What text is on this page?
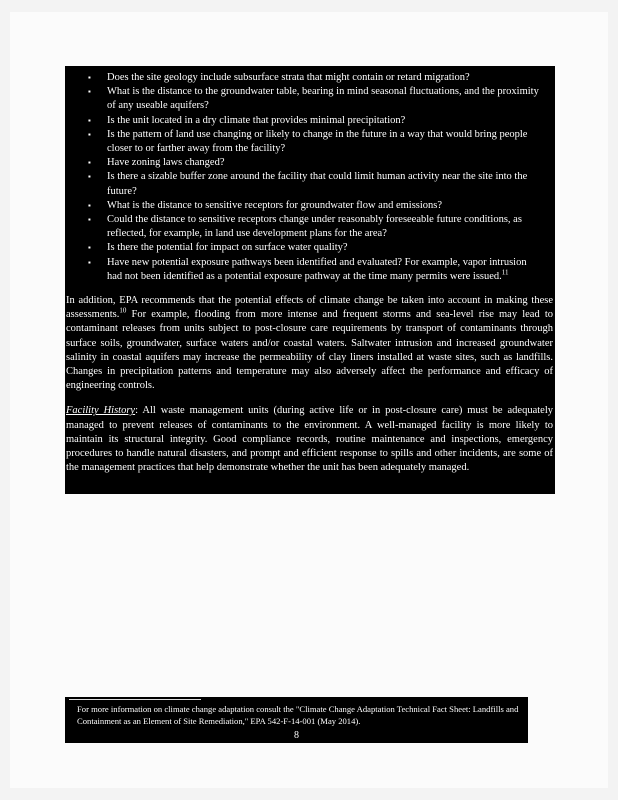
▪ Does the site geology include subsurface strata that might contain or retard migration?
▪ What is the distance to the groundwater table, bearing in mind seasonal fluctuations, and the proximity of any useable aquifers?
▪ Is the unit located in a dry climate that provides minimal precipitation?
▪ Is the pattern of land use changing or likely to change in the future in a way that would bring people closer to or farther away from the facility?
▪ Have zoning laws changed?
▪ Is there a sizable buffer zone around the facility that could limit human activity near the site into the future?
▪ What is the distance to sensitive receptors for groundwater flow and emissions?
▪ Could the distance to sensitive receptors change under reasonably foreseeable future conditions, as reflected, for example, in land use development plans for the area?
▪ Is there the potential for impact on surface water quality?
▪ Have new potential exposure pathways been identified and evaluated? For example, vapor intrusion had not been identified as a potential exposure pathway at the time many permits were issued.$^{11}$

In addition, EPA recommends that the potential effects of climate change be taken into account in making these assessments.$^{10}$ For example, flooding from more intense and frequent storms and sea-level rise may lead to contaminant releases from units subject to post-closure care requirements by transport of contaminants through surface soils, groundwater, surface waters and/or coastal waters. Saltwater intrusion and increased groundwater salinity in coastal aquifers may increase the permeability of clay liners installed at waste sites, such as landfills. Changes in precipitation patterns and temperature may also adversely affect the performance and efficacy of engineering controls.

Facility History: All waste management units (during active life or in post-closure care) must be adequately managed to prevent releases of contaminants to the environment. A well-managed facility is more likely to maintain its structural integrity. Good compliance records, routine maintenance and inspections, emergency procedures to handle natural disasters, and prompt and efficient response to spills and other incidents, are some of the management practices that help demonstrate whether the unit has been adequately managed.

For more information on climate change adaptation consult the "Climate Change Adaptation Technical Fact Sheet: Landfills and Containment as an Element of Site Remediation," EPA 542-F-14-001 (May 2014).
8
